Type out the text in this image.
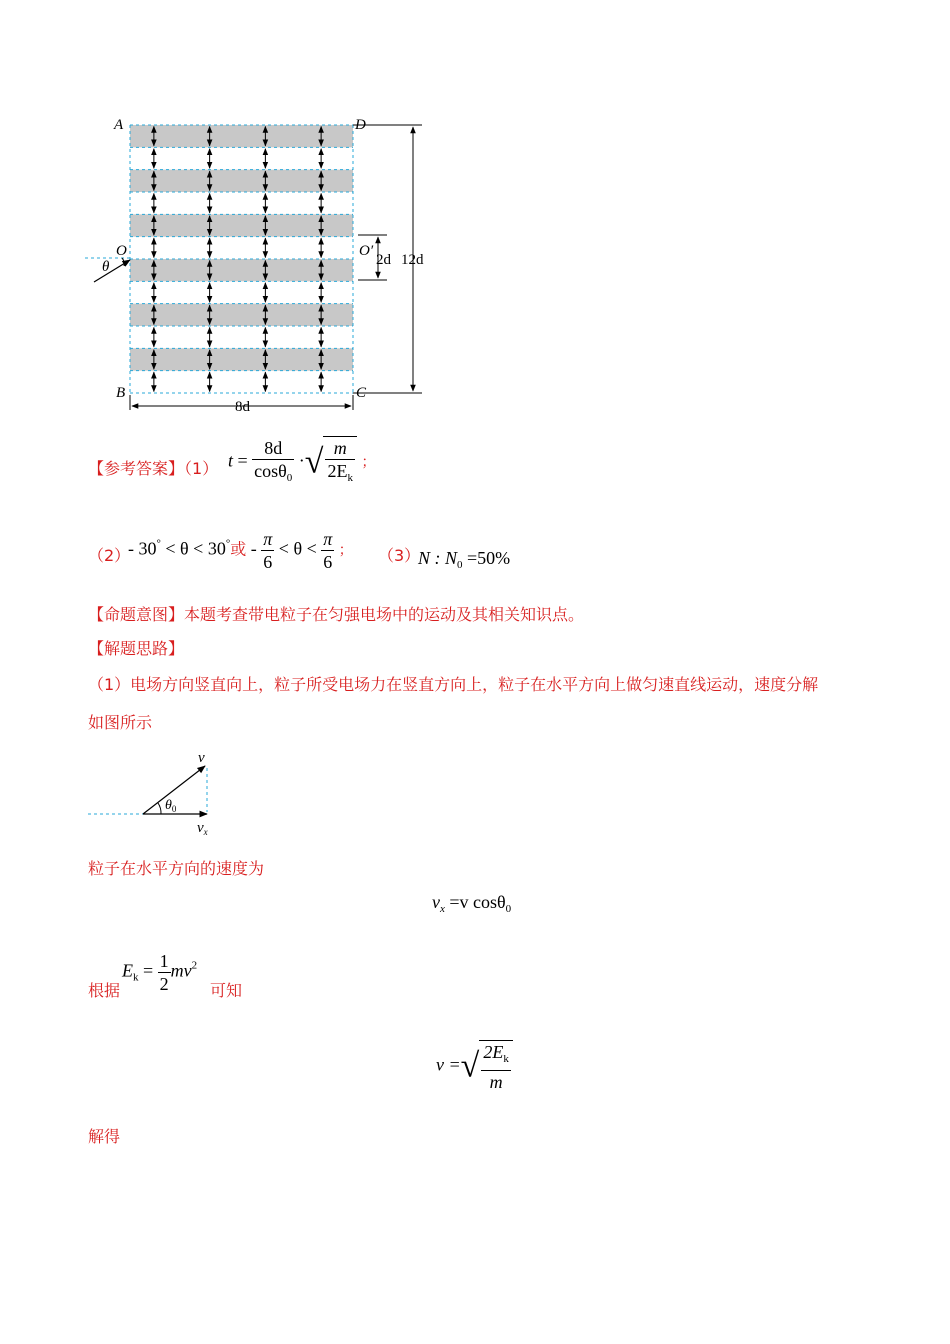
A	D
B	C
O	O′
θ	2d 12d
8d
【参考答案】（1） $t = \frac{8d}{\cos\theta_0}$ ·√ $\frac{m}{2E_k}$ ；
（2）
- 30° < θ < 30°或 - $\frac{\pi}{6} < \theta < \frac{\pi}{6}$ ； （3）
N : $N_0 =50\%$
【命题意图】本题考查带电粒子在匀强电场中的运动及其相关知识点。
【解题思路】
（1）电场方向竖直向上，粒子所受电场力在竖直方向上，粒子在水平方向上做匀速直线运动，速度分解
如图所示
v
$\theta_0$
$v_x$
粒子在水平方向的速度为
$v_x =v$ cosθ$_0$
根据
$E_k = \frac{1}{2} mv^2$
可知
v =√ $\frac{2E_k}{m}$
解得
